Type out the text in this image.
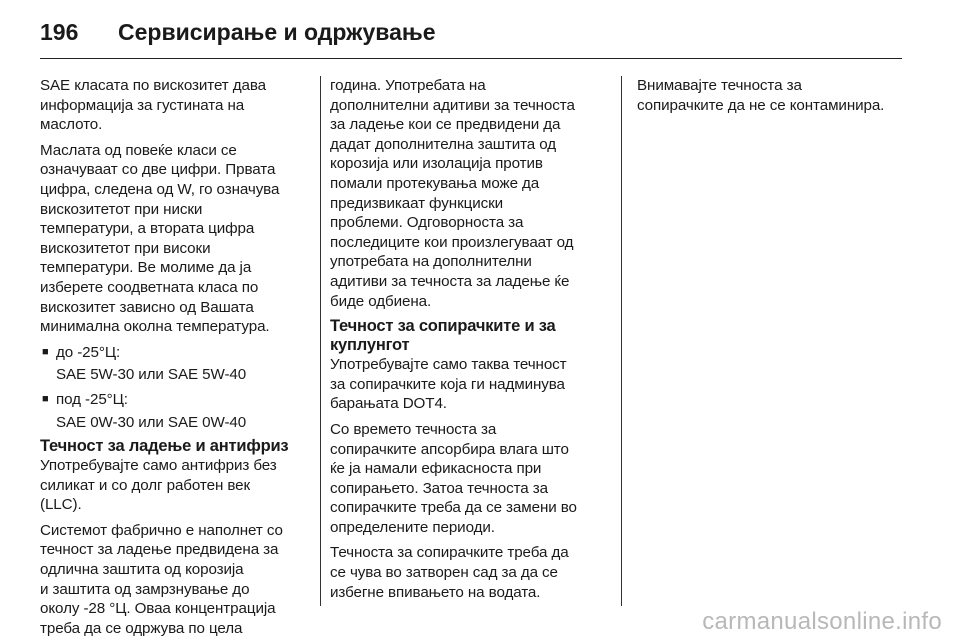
196	Сервисирање и одржување

SAE класата по вискозитет дава
информација за густината на
маслото.

Маслата од повеќе класи се
означуваат со две цифри. Првата
цифра, следена од W, го означува
вискозитетот при ниски
температури, а втората цифра
вискозитетот при високи
температури. Ве молиме да ја
изберете соодветната класа по
вискозитет зависно од Вашата
минимална околна температура.

■ до -25°Ц:
SAE 5W-30 или SAE 5W-40
■ под -25°Ц:
SAE 0W-30 или SAE 0W-40
Течност за ладење и антифриз

Употребувајте само антифриз без
силикат и со долг работен век
(LLC).

Системот фабрично е наполнет со
течност за ладење предвидена за
одлична заштита од корозија
и заштита од замрзнување до
околу -28 °Ц. Оваа концентрација
треба да се одржува по цела

година. Употребата на
дополнителни адитиви за течноста
за ладење кои се предвидени да
дадат дополнителна заштита од
корозија или изолација против
помали протекувања може да
предизвикаат функциски
проблеми. Одговорноста за
последиците кои произлегуваат од
употребата на дополнителни
адитиви за течноста за ладење ќе
биде одбиена.

Течност за сопирачките и за
куплунгот

Употребувајте само таква течност
за сопирачките која ги надминува
барањата DOT4.

Со времето течноста за
сопирачките апсорбира влага што
ќе ја намали ефикасноста при
сопирањето. Затоа течноста за
сопирачките треба да се замени во
определените периоди.

Течноста за сопирачките треба да
се чува во затворен сад за да се
избегне впивањето на водата.

Внимавајте течноста за
сопирачките да не се контаминира.

carmanualsonline.info
